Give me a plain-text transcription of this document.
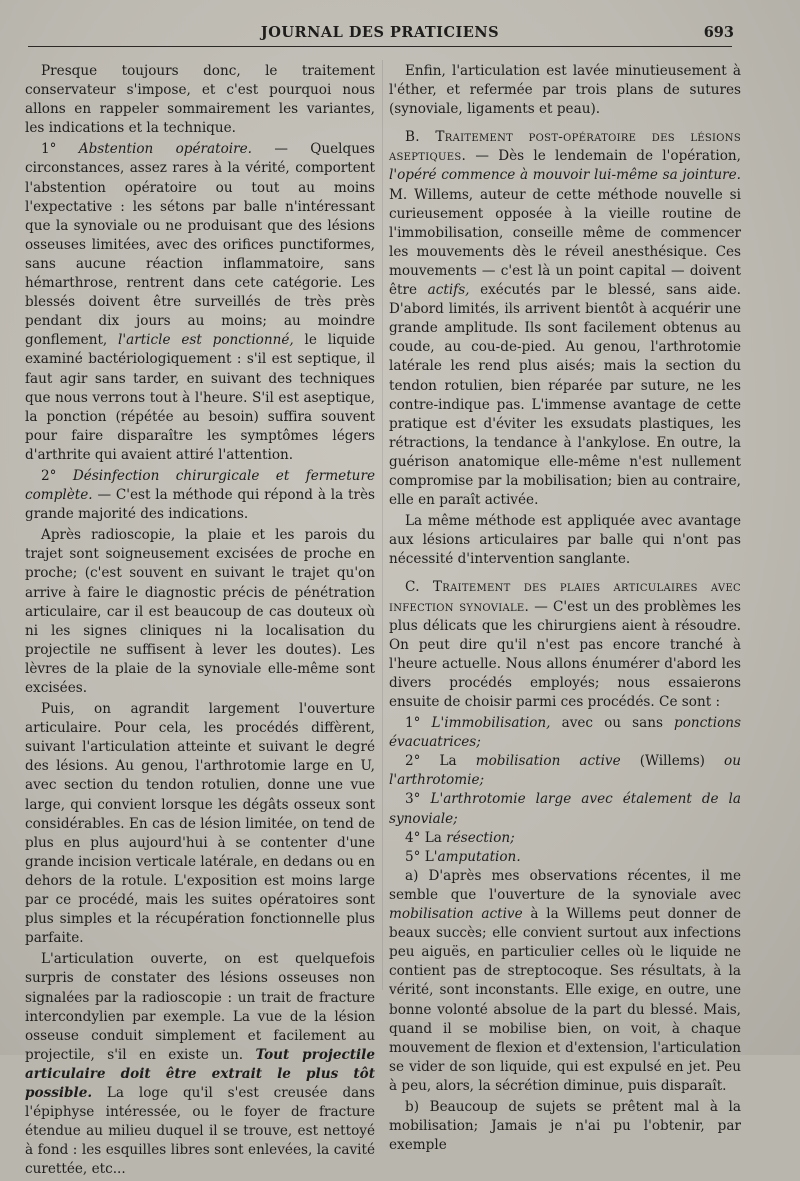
JOURNAL DES PRATICIENS	693

Presque toujours donc, le traitement conservateur s'impose, et c'est pourquoi nous allons en rappeler sommairement les variantes, les indications et la technique.

1° Abstention opératoire. — Quelques circonstances, assez rares à la vérité, comportent l'abstention opératoire ou tout au moins l'expectative : les sétons par balle n'intéressant que la synoviale ou ne produisant que des lésions osseuses limitées, avec des orifices punctiformes, sans aucune réaction inflammatoire, sans hémarthrose, rentrent dans cete catégorie. Les blessés doivent être surveillés de très près pendant dix jours au moins; au moindre gonflement, l'article est ponctionné, le liquide examiné bactériologiquement : s'il est septique, il faut agir sans tarder, en suivant des techniques que nous verrons tout à l'heure. S'il est aseptique, la ponction (répétée au besoin) suffira souvent pour faire disparaître les symptômes légers d'arthrite qui avaient attiré l'attention.

2° Désinfection chirurgicale et fermeture complète. — C'est la méthode qui répond à la très grande majorité des indications.

Après radioscopie, la plaie et les parois du trajet sont soigneusement excisées de proche en proche; (c'est souvent en suivant le trajet qu'on arrive à faire le diagnostic précis de pénétration articulaire, car il est beaucoup de cas douteux où ni les signes cliniques ni la localisation du projectile ne suffisent à lever les doutes). Les lèvres de la plaie de la synoviale elle-même sont excisées.

Puis, on agrandit largement l'ouverture articulaire. Pour cela, les procédés diffèrent, suivant l'articulation atteinte et suivant le degré des lésions. Au genou, l'arthrotomie large en U, avec section du tendon rotulien, donne une vue large, qui convient lorsque les dégâts osseux sont considérables. En cas de lésion limitée, on tend de plus en plus aujourd'hui à se contenter d'une grande incision verticale latérale, en dedans ou en dehors de la rotule. L'exposition est moins large par ce procédé, mais les suites opératoires sont plus simples et la récupération fonctionnelle plus parfaite.

L'articulation ouverte, on est quelquefois surpris de constater des lésions osseuses non signalées par la radioscopie : un trait de fracture intercondylien par exemple. La vue de la lésion osseuse conduit simplement et facilement au projectile, s'il en existe un. Tout projectile articulaire doit être extrait le plus tôt possible. La loge qu'il s'est creusée dans l'épiphyse intéressée, ou le foyer de fracture étendue au milieu duquel il se trouve, est nettoyé à fond : les esquilles libres sont enlevées, la cavité curettée, etc...

Enfin, l'articulation est lavée minutieusement à l'éther, et refermée par trois plans de sutures (synoviale, ligaments et peau).

B. Traitement post-opératoire des lésions aseptiques. — Dès le lendemain de l'opération, l'opéré commence à mouvoir lui-même sa jointure. M. Willems, auteur de cette méthode nouvelle si curieusement opposée à la vieille routine de l'immobilisation, conseille même de commencer les mouvements dès le réveil anesthésique. Ces mouvements — c'est là un point capital — doivent être actifs, exécutés par le blessé, sans aide. D'abord limités, ils arrivent bientôt à acquérir une grande amplitude. Ils sont facilement obtenus au coude, au cou-de-pied. Au genou, l'arthrotomie latérale les rend plus aisés; mais la section du tendon rotulien, bien réparée par suture, ne les contre-indique pas. L'immense avantage de cette pratique est d'éviter les exsudats plastiques, les rétractions, la tendance à l'ankylose. En outre, la guérison anatomique elle-même n'est nullement compromise par la mobilisation; bien au contraire, elle en paraît activée.

La même méthode est appliquée avec avantage aux lésions articulaires par balle qui n'ont pas nécessité d'intervention sanglante.

C. Traitement des plaies articulaires avec infection synoviale. — C'est un des problèmes les plus délicats que les chirurgiens aient à résoudre. On peut dire qu'il n'est pas encore tranché à l'heure actuelle. Nous allons énumérer d'abord les divers procédés employés; nous essaierons ensuite de choisir parmi ces procédés. Ce sont :

1° L'immobilisation, avec ou sans ponctions évacuatrices;

2° La mobilisation active (Willems) ou l'arthrotomie;

3° L'arthrotomie large avec étalement de la synoviale;

4° La résection;

5° L'amputation.

a) D'après mes observations récentes, il me semble que l'ouverture de la synoviale avec mobilisation active à la Willems peut donner de beaux succès; elle convient surtout aux infections peu aiguës, en particulier celles où le liquide ne contient pas de streptocoque. Ses résultats, à la vérité, sont inconstants. Elle exige, en outre, une bonne volonté absolue de la part du blessé. Mais, quand il se mobilise bien, on voit, à chaque mouvement de flexion et d'extension, l'articulation se vider de son liquide, qui est expulsé en jet. Peu à peu, alors, la sécrétion diminue, puis disparaît.

b) Beaucoup de sujets se prêtent mal à la mobilisation; Jamais je n'ai pu l'obtenir, par exemple
